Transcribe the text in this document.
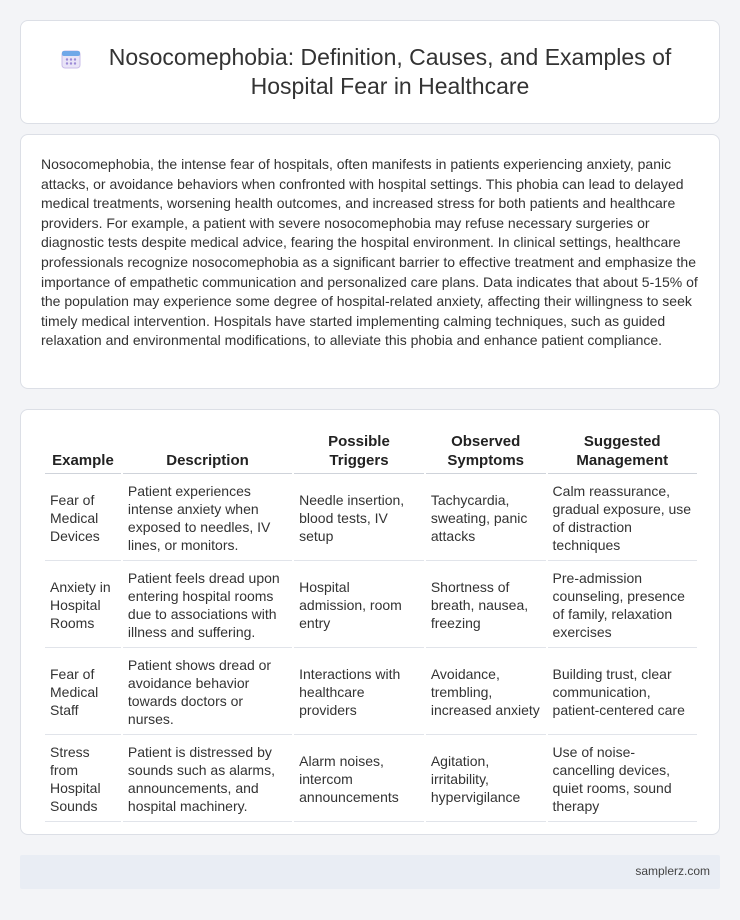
Nosocomephobia: Definition, Causes, and Examples of Hospital Fear in Healthcare

Nosocomephobia, the intense fear of hospitals, often manifests in patients experiencing anxiety, panic attacks, or avoidance behaviors when confronted with hospital settings. This phobia can lead to delayed medical treatments, worsening health outcomes, and increased stress for both patients and healthcare providers. For example, a patient with severe nosocomephobia may refuse necessary surgeries or diagnostic tests despite medical advice, fearing the hospital environment. In clinical settings, healthcare professionals recognize nosocomephobia as a significant barrier to effective treatment and emphasize the importance of empathetic communication and personalized care plans. Data indicates that about 5-15% of the population may experience some degree of hospital-related anxiety, affecting their willingness to seek timely medical intervention. Hospitals have started implementing calming techniques, such as guided relaxation and environmental modifications, to alleviate this phobia and enhance patient compliance.

Example	Description	Possible Triggers	Observed Symptoms	Suggested Management
Fear of Medical Devices	Patient experiences intense anxiety when exposed to needles, IV lines, or monitors.	Needle insertion, blood tests, IV setup	Tachycardia, sweating, panic attacks	Calm reassurance, gradual exposure, use of distraction techniques
Anxiety in Hospital Rooms	Patient feels dread upon entering hospital rooms due to associations with illness and suffering.	Hospital admission, room entry	Shortness of breath, nausea, freezing	Pre-admission counseling, presence of family, relaxation exercises
Fear of Medical Staff	Patient shows dread or avoidance behavior towards doctors or nurses.	Interactions with healthcare providers	Avoidance, trembling, increased anxiety	Building trust, clear communication, patient-centered care
Stress from Hospital Sounds	Patient is distressed by sounds such as alarms, announcements, and hospital machinery.	Alarm noises, intercom announcements	Agitation, irritability, hypervigilance	Use of noise-cancelling devices, quiet rooms, sound therapy
samplerz.com
